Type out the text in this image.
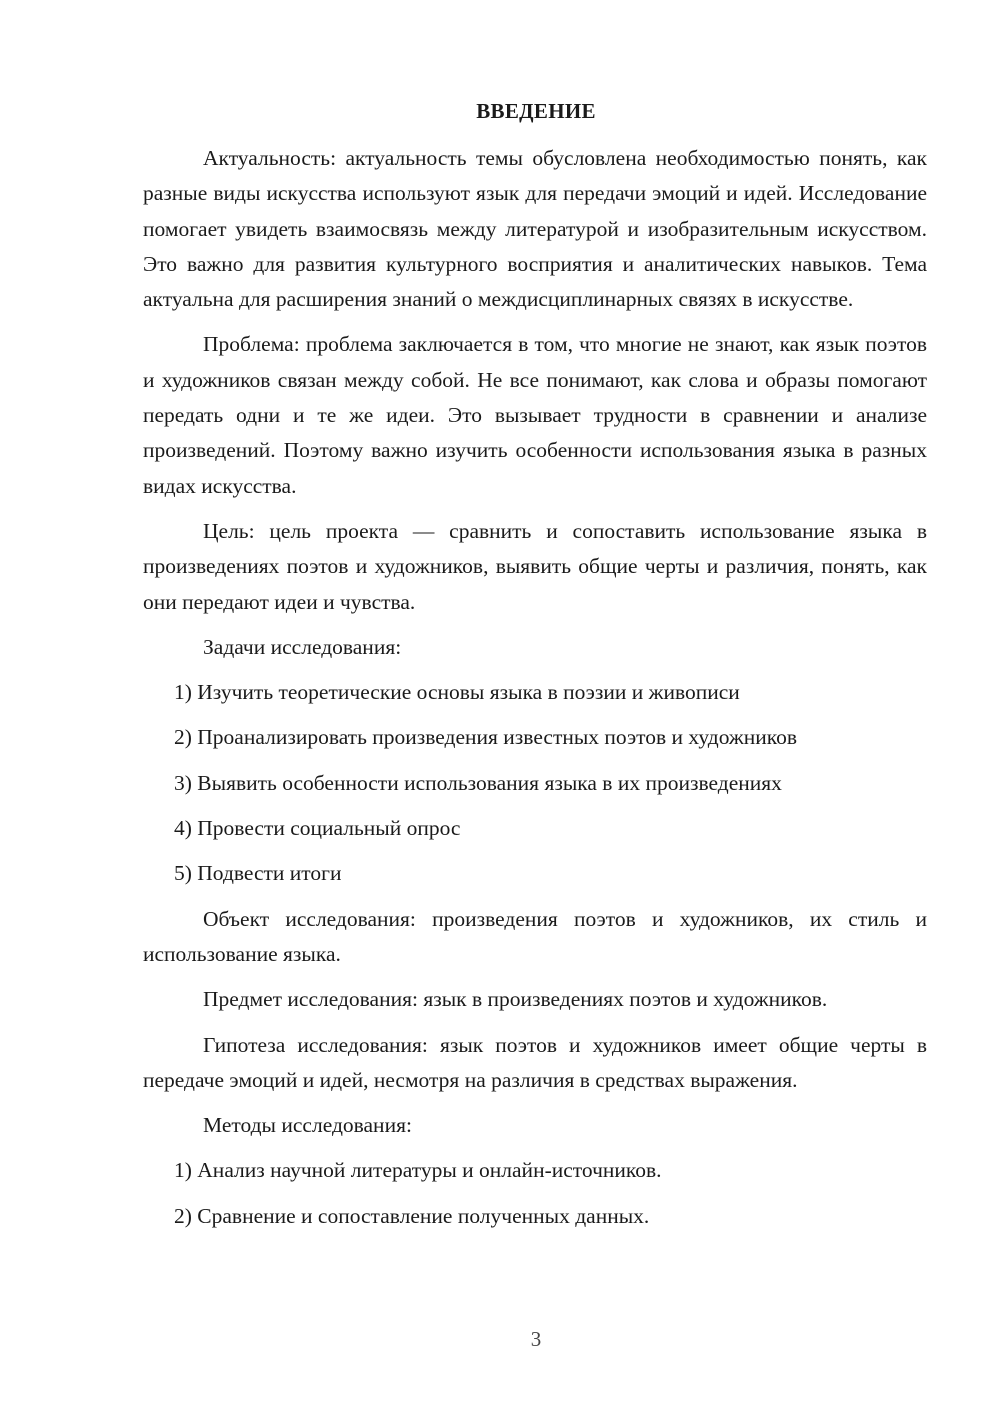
ВВЕДЕНИЕ

Актуальность: актуальность темы обусловлена необходимостью понять, как разные виды искусства используют язык для передачи эмоций и идей. Исследование помогает увидеть взаимосвязь между литературой и изобразительным искусством. Это важно для развития культурного восприятия и аналитических навыков. Тема актуальна для расширения знаний о междисциплинарных связях в искусстве.

Проблема: проблема заключается в том, что многие не знают, как язык поэтов и художников связан между собой. Не все понимают, как слова и образы помогают передать одни и те же идеи. Это вызывает трудности в сравнении и анализе произведений. Поэтому важно изучить особенности использования языка в разных видах искусства.

Цель: цель проекта — сравнить и сопоставить использование языка в произведениях поэтов и художников, выявить общие черты и различия, понять, как они передают идеи и чувства.

Задачи исследования:
1) Изучить теоретические основы языка в поэзии и живописи
2) Проанализировать произведения известных поэтов и художников
3) Выявить особенности использования языка в их произведениях
4) Провести социальный опрос
5) Подвести итоги

Объект исследования: произведения поэтов и художников, их стиль и использование языка.

Предмет исследования: язык в произведениях поэтов и художников.

Гипотеза исследования: язык поэтов и художников имеет общие черты в передаче эмоций и идей, несмотря на различия в средствах выражения.

Методы исследования:
1) Анализ научной литературы и онлайн-источников.
2) Сравнение и сопоставление полученных данных.
3
